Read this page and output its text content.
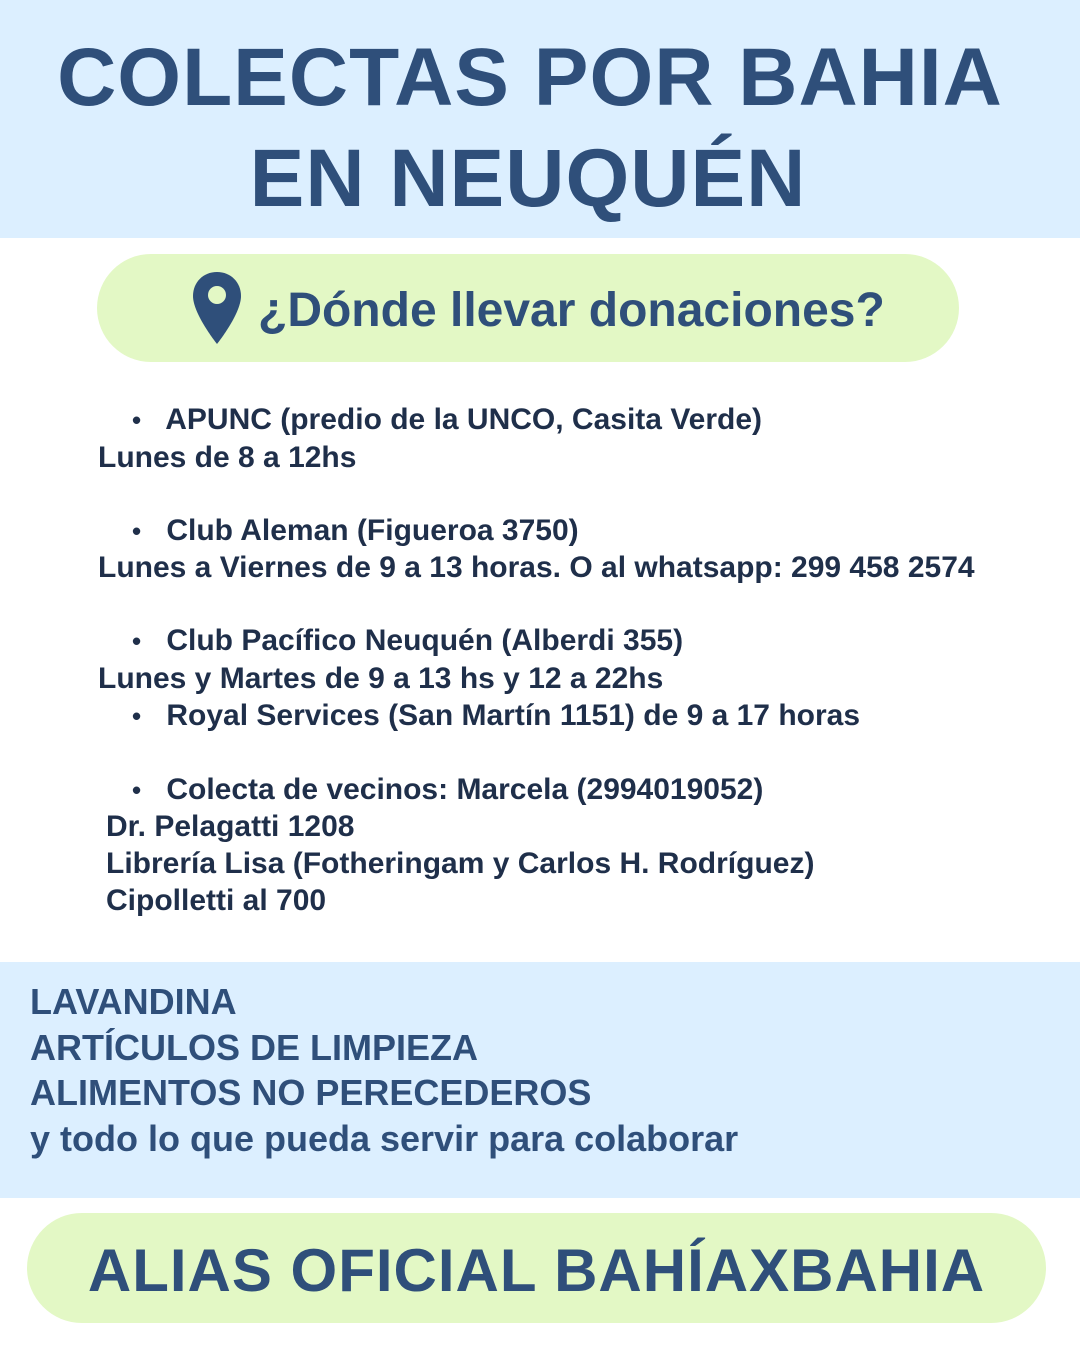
COLECTAS POR BAHIA
EN NEUQUÉN
¿Dónde llevar donaciones?
• APUNC (predio de la UNCO, Casita Verde)
Lunes de 8 a 12hs
• Club Aleman (Figueroa 3750)
Lunes a Viernes de 9 a 13 horas. O al whatsapp: 299 458 2574
• Club Pacífico Neuquén (Alberdi 355)
Lunes y Martes de 9 a 13 hs y 12 a 22hs
• Royal Services (San Martín 1151) de 9 a 17 horas
• Colecta de vecinos: Marcela (2994019052)
Dr. Pelagatti 1208
Librería Lisa (Fotheringam y Carlos H. Rodríguez)
Cipolletti al 700
LAVANDINA
ARTÍCULOS DE LIMPIEZA
ALIMENTOS NO PERECEDEROS
y todo lo que pueda servir para colaborar
ALIAS OFICIAL BAHÍAXBAHIA
